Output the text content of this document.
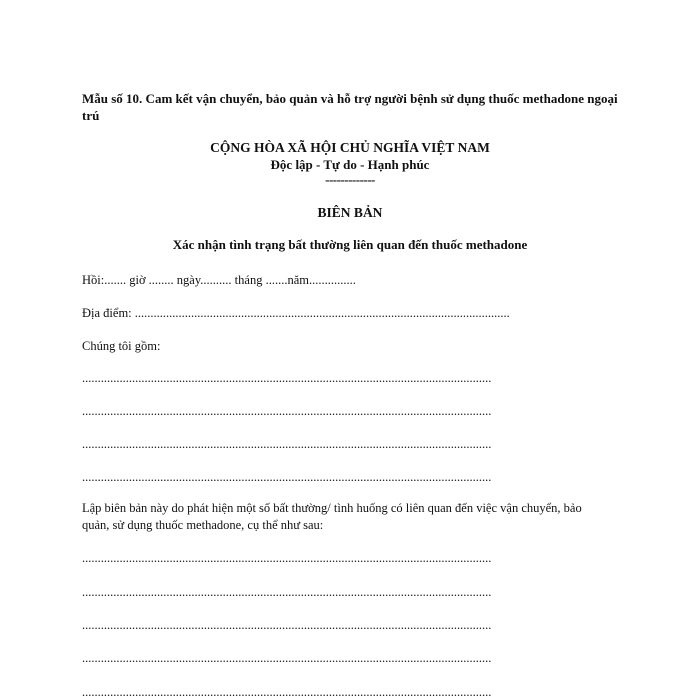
Mẫu số 10. Cam kết vận chuyển, bảo quản và hỗ trợ người bệnh sử dụng thuốc methadone ngoại trú
CỘNG HÒA XÃ HỘI CHỦ NGHĨA VIỆT NAM
Độc lập - Tự do - Hạnh phúc
-------------
BIÊN BẢN
Xác nhận tình trạng bất thường liên quan đến thuốc methadone
Hồi:....... giờ ........ ngày.......... tháng .......năm...............
Địa điểm: ........................................................................................................................
Chúng tôi gồm:
...................................................................................................................................
...................................................................................................................................
...................................................................................................................................
...................................................................................................................................
Lập biên bản này do phát hiện một số bất thường/ tình huống có liên quan đến việc vận chuyển, bảo quản, sử dụng thuốc methadone, cụ thể như sau:
...................................................................................................................................
...................................................................................................................................
...................................................................................................................................
...................................................................................................................................
...................................................................................................................................
